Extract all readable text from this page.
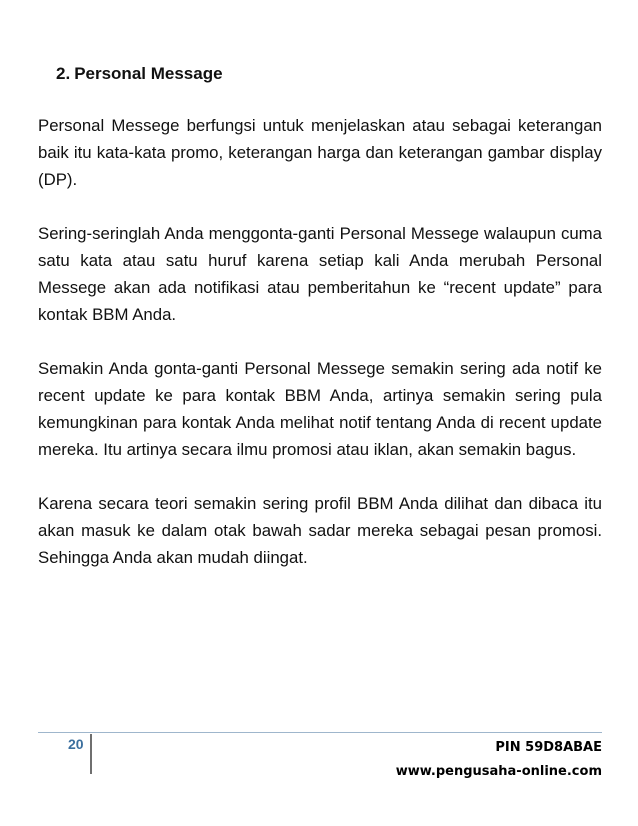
2. Personal Message

Personal Messege berfungsi untuk menjelaskan atau sebagai keterangan baik itu kata-kata promo, keterangan harga dan keterangan gambar display (DP).

Sering-seringlah Anda menggonta-ganti Personal Messege walaupun cuma satu kata atau satu huruf karena setiap kali Anda merubah Personal Messege akan ada notifikasi atau pemberitahun ke “recent update” para kontak BBM Anda.

Semakin Anda gonta-ganti Personal Messege semakin sering ada notif ke recent update ke para kontak BBM Anda, artinya semakin sering pula kemungkinan para kontak Anda melihat notif tentang Anda di recent update mereka. Itu artinya secara ilmu promosi atau iklan, akan semakin bagus.

Karena secara teori semakin sering profil BBM Anda dilihat dan dibaca itu akan masuk ke dalam otak bawah sadar mereka sebagai pesan promosi. Sehingga Anda akan mudah diingat.

20	PIN 59D8ABAE
www.pengusaha-online.com
